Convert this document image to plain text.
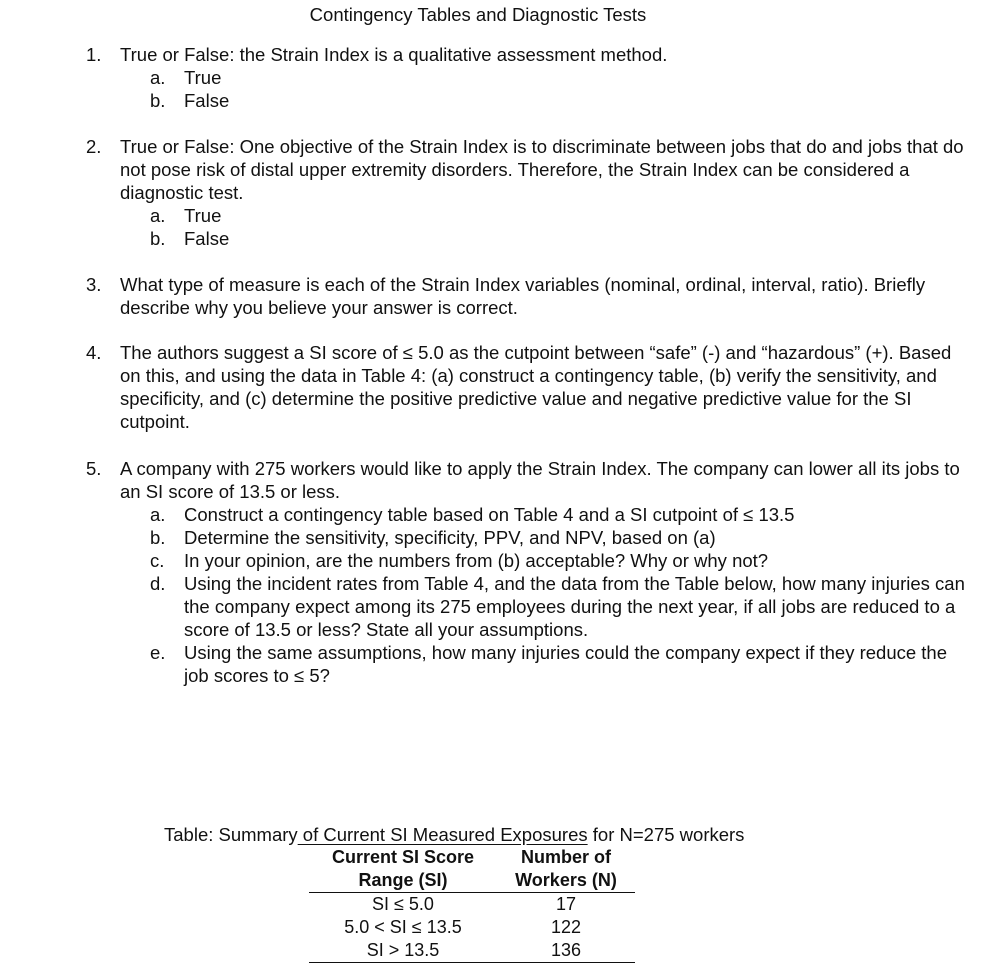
Contingency Tables and Diagnostic Tests
1. True or False: the Strain Index is a qualitative assessment method.
a. True
b. False
2. True or False: One objective of the Strain Index is to discriminate between jobs that do and jobs that do not pose risk of distal upper extremity disorders. Therefore, the Strain Index can be considered a diagnostic test.
a. True
b. False
3. What type of measure is each of the Strain Index variables (nominal, ordinal, interval, ratio). Briefly describe why you believe your answer is correct.
4. The authors suggest a SI score of ≤ 5.0 as the cutpoint between “safe” (-) and “hazardous” (+). Based on this, and using the data in Table 4: (a) construct a contingency table, (b) verify the sensitivity, and specificity, and (c) determine the positive predictive value and negative predictive value for the SI cutpoint.
5. A company with 275 workers would like to apply the Strain Index. The company can lower all its jobs to an SI score of 13.5 or less.
a. Construct a contingency table based on Table 4 and a SI cutpoint of ≤ 13.5
b. Determine the sensitivity, specificity, PPV, and NPV, based on (a)
c. In your opinion, are the numbers from (b) acceptable? Why or why not?
d. Using the incident rates from Table 4, and the data from the Table below, how many injuries can the company expect among its 275 employees during the next year, if all jobs are reduced to a score of 13.5 or less? State all your assumptions.
e. Using the same assumptions, how many injuries could the company expect if they reduce the job scores to ≤ 5?
Table: Summary of Current SI Measured Exposures for N=275 workers
Current SI Score	Number of
Range (SI)	Workers (N)
SI ≤ 5.0	17
5.0 < SI ≤ 13.5	122
SI > 13.5	136
